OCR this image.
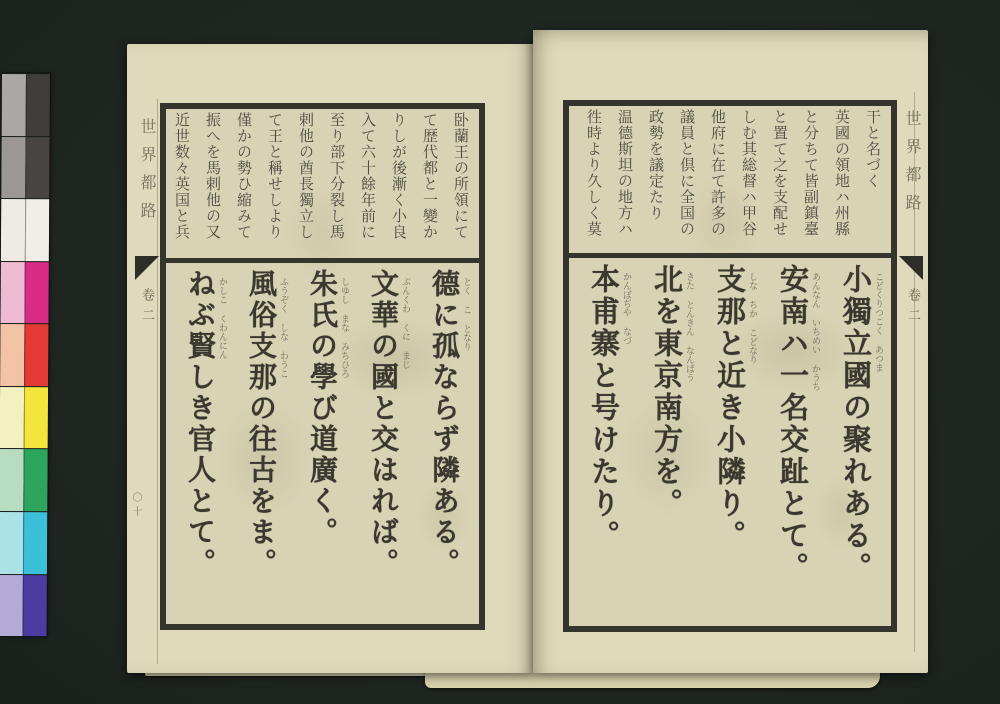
世界都路
卷二
〇十
卧蘭王の所領にて
て歴代都と一變か
りしが後漸く小良
入て六十餘年前に
至り部下分裂し馬
剌他の酋長獨立し
て王と稱せしより
僅かの勢ひ縮みて
振へを馬剌他の又
近世数々英国と兵
とく こ となり
德に孤ならず隣ある。
ぶんくわ くに まじ
文華の國と交はれば。
しゆし まな みちひろ
朱氏の學び道廣く。
ふうぞく しな わうこ
風俗支那の往古をま。
かしこ くわんにん
ねぶ賢しき官人とて。
世界都路
卷二
干と名づく
英國の領地ハ州縣
と分ちて皆副鎮臺
と置て之を支配せ
しむ其総督ハ甲谷
他府に在て許多の
議員と倶に全国の
政勢を議定たり
温德斯坦の地方ハ
徃時より久しく莫
こどくりつこく あつま
小獨立國の聚れある。
あんなん いちめい かうち
安南ハ一名交趾とて。
しな ちか こどなり
支那と近き小隣り。
きた とんきん なんぱう
北を東京南方を。
かんぼぢや なづ
本甫寨と号けたり。
